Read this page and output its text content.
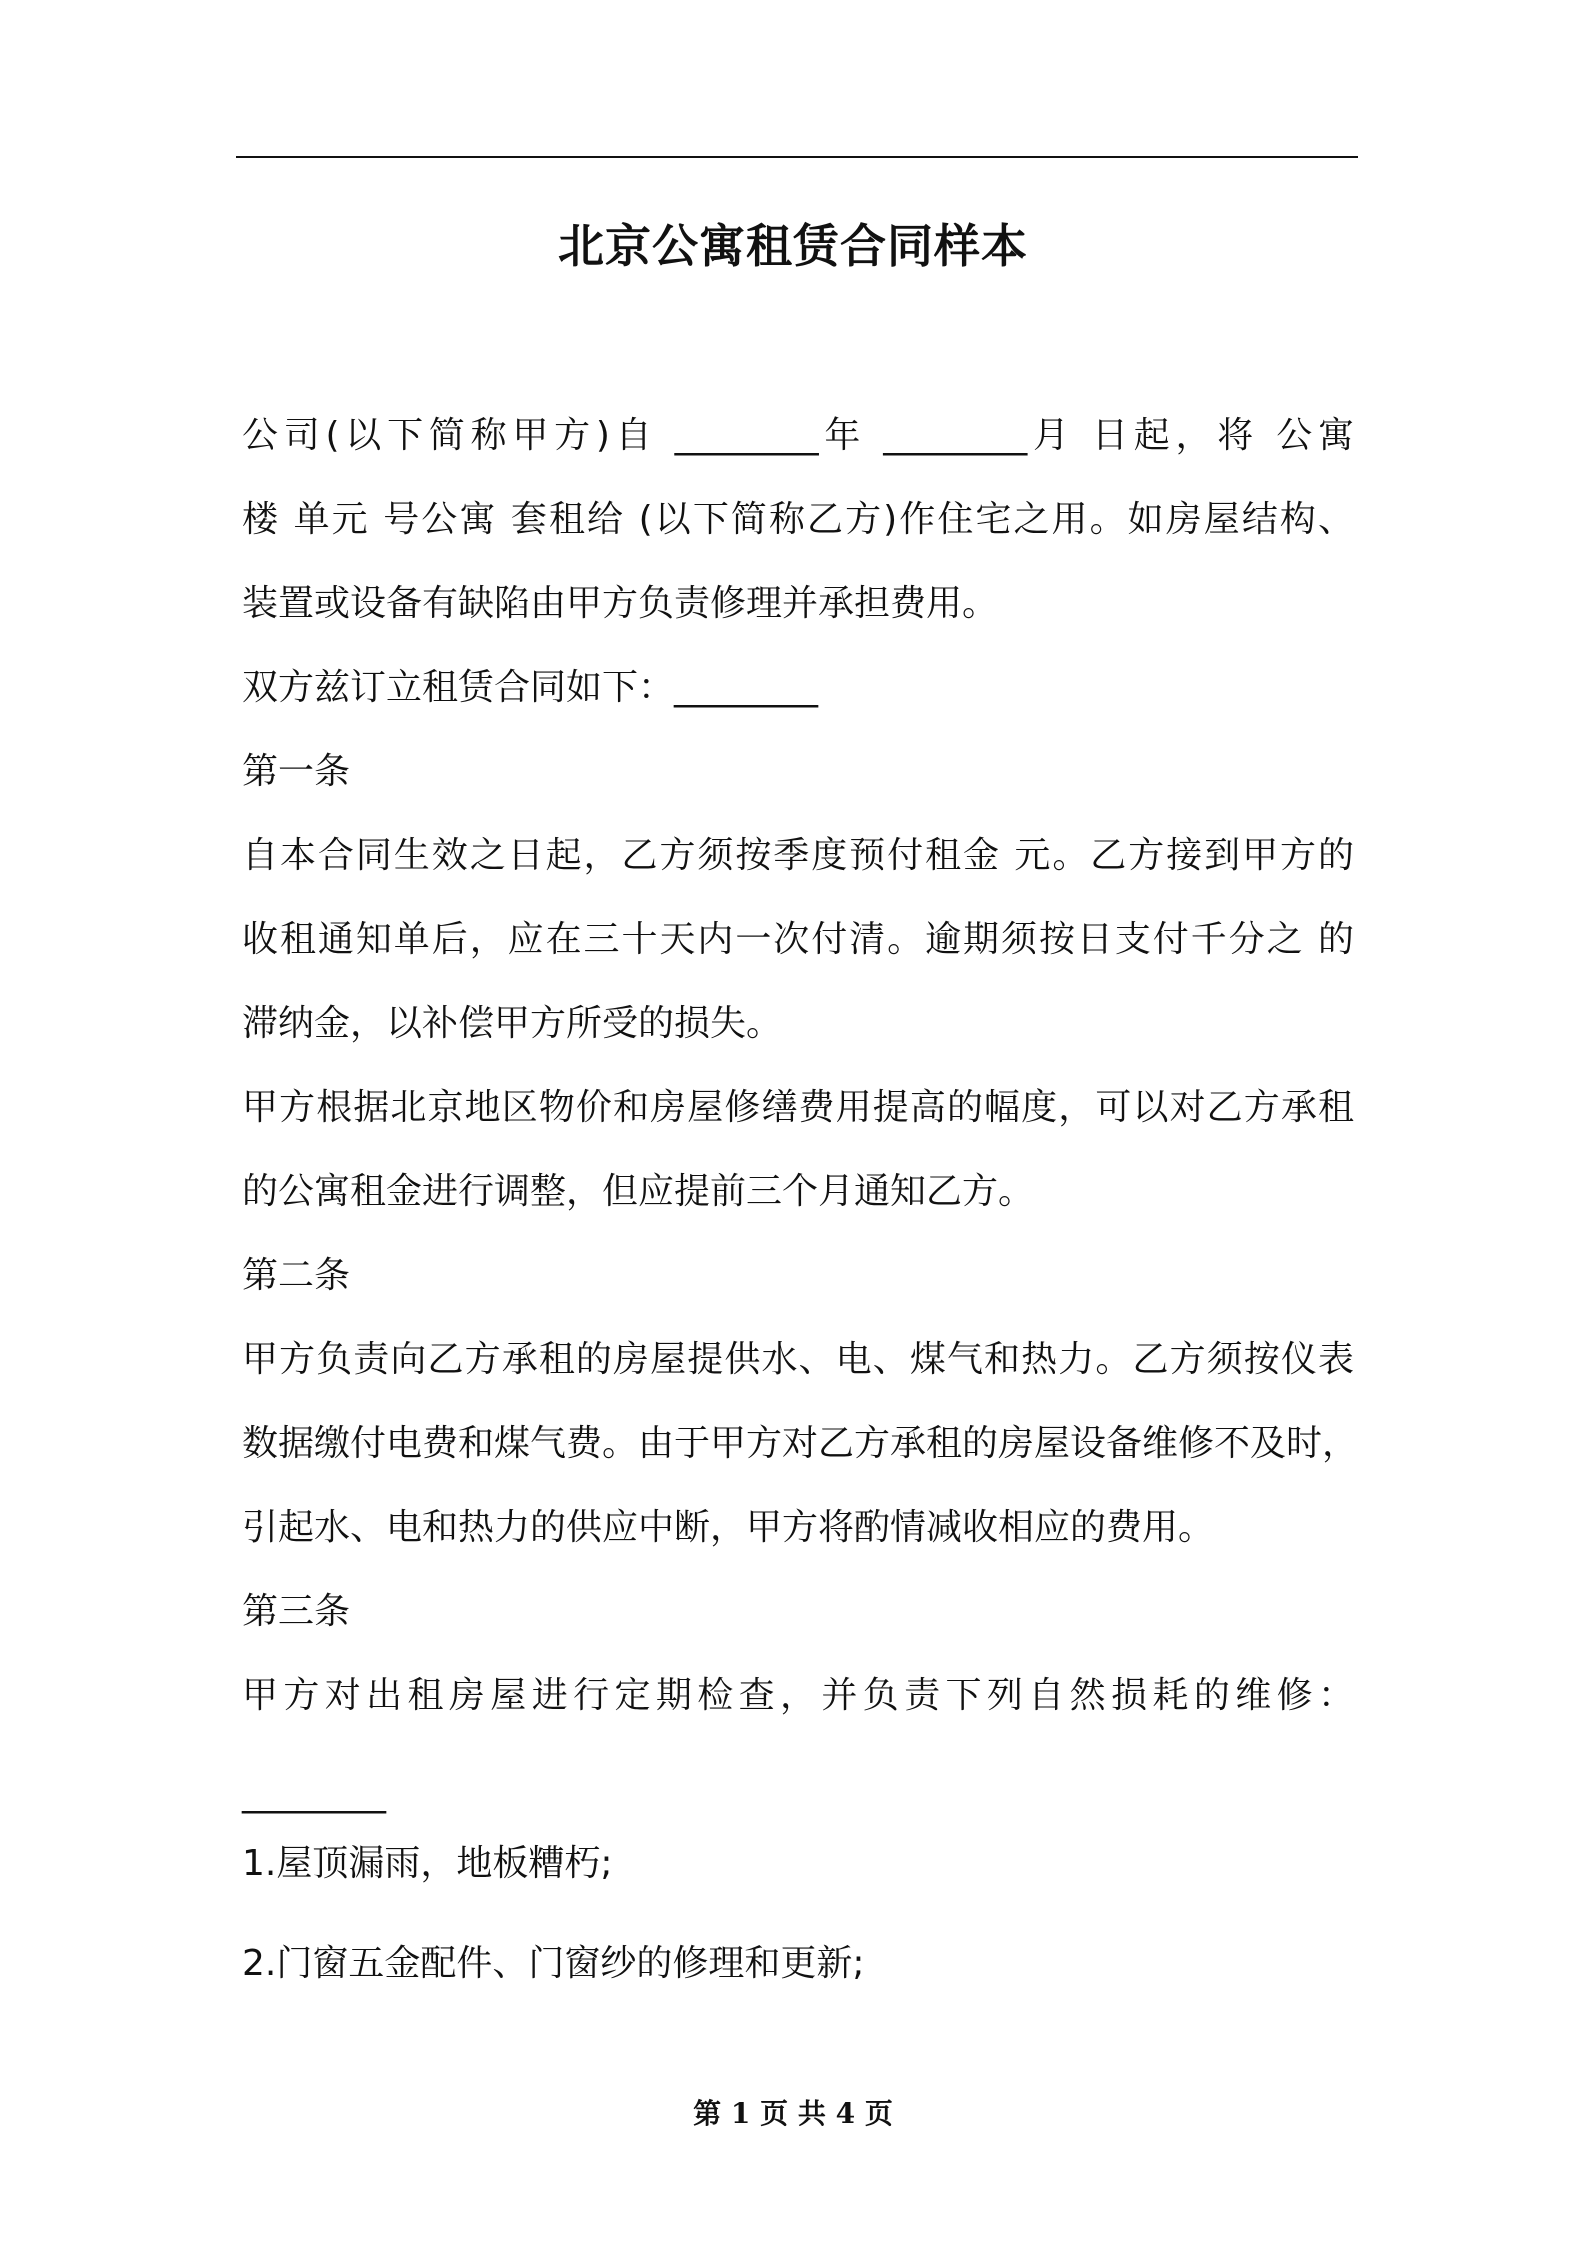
北京公寓租赁合同样本
公司(以下简称甲方)自 ________年 ________月 日起，将 公寓
楼 单元 号公寓 套租给 (以下简称乙方)作住宅之用。如房屋结构、
装置或设备有缺陷由甲方负责修理并承担费用。
双方兹订立租赁合同如下：________
第一条
自本合同生效之日起，乙方须按季度预付租金 元。乙方接到甲方的
收租通知单后，应在三十天内一次付清。逾期须按日支付千分之 的
滞纳金，以补偿甲方所受的损失。
甲方根据北京地区物价和房屋修缮费用提高的幅度，可以对乙方承租
的公寓租金进行调整，但应提前三个月通知乙方。
第二条
甲方负责向乙方承租的房屋提供水、电、煤气和热力。乙方须按仪表
数据缴付电费和煤气费。由于甲方对乙方承租的房屋设备维修不及时，
引起水、电和热力的供应中断，甲方将酌情减收相应的费用。
第三条
甲方对出租房屋进行定期检查，并负责下列自然损耗的维修：
________
1.屋顶漏雨，地板糟朽;
2.门窗五金配件、门窗纱的修理和更新;
第 1 页 共 4 页
